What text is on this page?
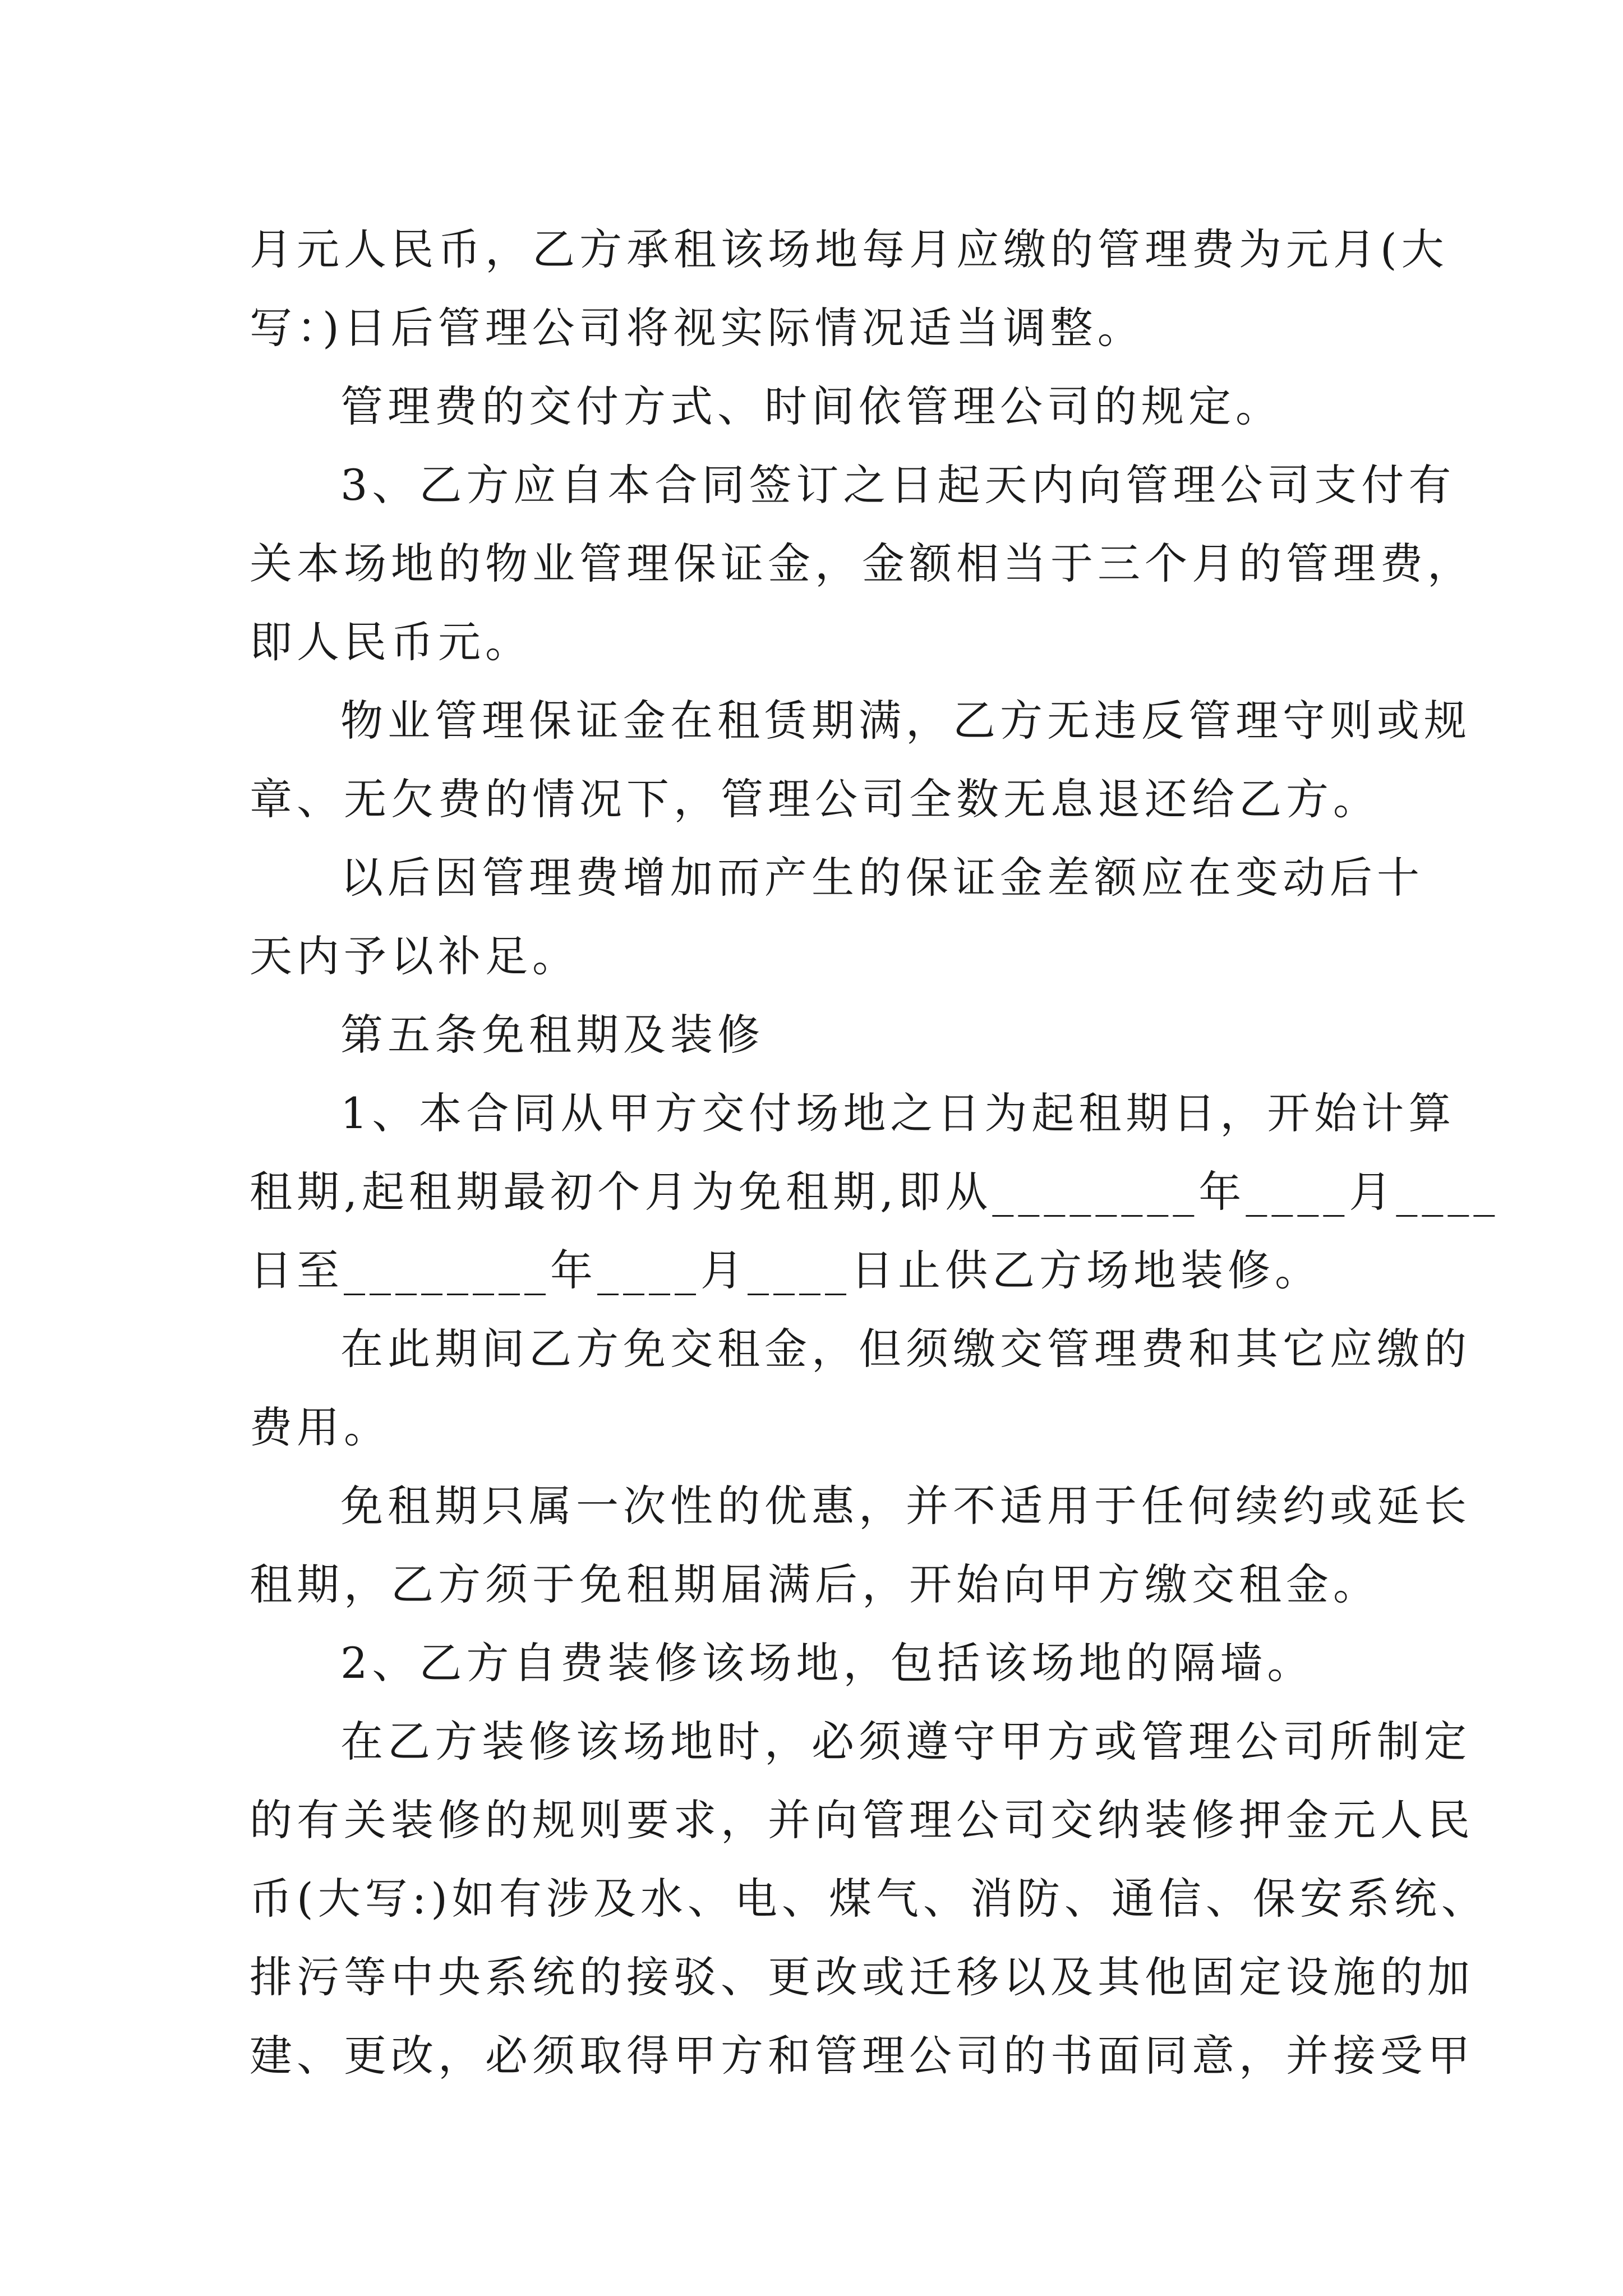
月元人民币，乙方承租该场地每月应缴的管理费为元月(大
写：)日后管理公司将视实际情况适当调整。
管理费的交付方式、时间依管理公司的规定。
3、乙方应自本合同签订之日起天内向管理公司支付有
关本场地的物业管理保证金，金额相当于三个月的管理费，
即人民币元。
物业管理保证金在租赁期满，乙方无违反管理守则或规
章、无欠费的情况下，管理公司全数无息退还给乙方。
以后因管理费增加而产生的保证金差额应在变动后十
天内予以补足。
第五条免租期及装修
1、本合同从甲方交付场地之日为起租期日，开始计算
租期,起租期最初个月为免租期,即从________年____月____
日至________年____月____日止供乙方场地装修。
在此期间乙方免交租金，但须缴交管理费和其它应缴的
费用。
免租期只属一次性的优惠，并不适用于任何续约或延长
租期，乙方须于免租期届满后，开始向甲方缴交租金。
2、乙方自费装修该场地，包括该场地的隔墙。
在乙方装修该场地时，必须遵守甲方或管理公司所制定
的有关装修的规则要求，并向管理公司交纳装修押金元人民
币(大写:)如有涉及水、电、煤气、消防、通信、保安系统、
排污等中央系统的接驳、更改或迁移以及其他固定设施的加
建、更改，必须取得甲方和管理公司的书面同意，并接受甲
